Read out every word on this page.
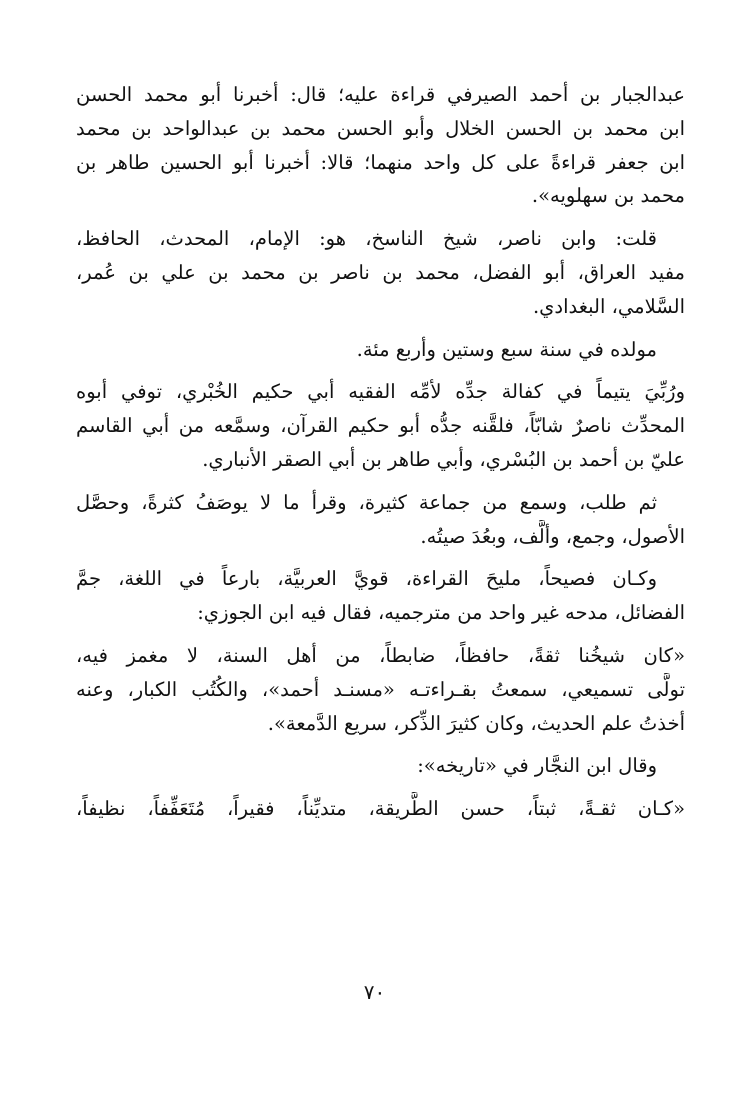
عبدالجبار بن أحمد الصيرفي قراءة عليه؛ قال: أخبرنا أبو محمد الحسن
ابن محمد بن الحسن الخلال وأبو الحسن محمد بن عبدالواحد بن محمد
ابن جعفر قراءةً على كل واحد منهما؛ قالا: أخبرنا أبو الحسين طاهر بن
محمد بن سهلويه».
قلت: وابن ناصر، شيخ الناسخ، هو: الإمام، المحدث، الحافظ،
مفيد العراق، أبو الفضل، محمد بن ناصر بن محمد بن علي بن عُمر،
السَّلامي، البغدادي.
مولده في سنة سبع وستين وأربع مئة.
ورُبِّيَ يتيماً في كفالة جدِّه لأمِّه الفقيه أبي حكيم الخُبْري، توفي أبوه
المحدِّث ناصرٌ شابّاً، فلقَّنه جدُّه أبو حكيم القرآن، وسمَّعه من أبي القاسم
عليّ بن أحمد بن البُسْري، وأبي طاهر بن أبي الصقر الأنباري.
ثم طلب، وسمع من جماعة كثيرة، وقرأ ما لا يوصَفُ كثرةً، وحصَّل
الأصول، وجمع، وألَّف، وبعُدَ صيتُه.
وكـان فصيحاً، مليحَ القراءة، قويَّ العربيَّة، بارعاً في اللغة، جمَّ
الفضائل، مدحه غير واحد من مترجميه، فقال فيه ابن الجوزي:
«كان شيخُنا ثقةً، حافظاً، ضابطاً، من أهل السنة، لا مغمز فيه،
تولَّى تسميعي، سمعتُ بقـراءتـه «مسنـد أحمد»، والكُتُب الكبار، وعنه
أخذتُ علم الحديث، وكان كثيرَ الذِّكر، سريع الدَّمعة».
وقال ابن النجَّار في «تاريخه»:
«كـان ثقـةً، ثبتاً، حسن الطَّريقة، متديِّناً، فقيراً، مُتَعَفِّفاً، نظيفاً،
٧٠
